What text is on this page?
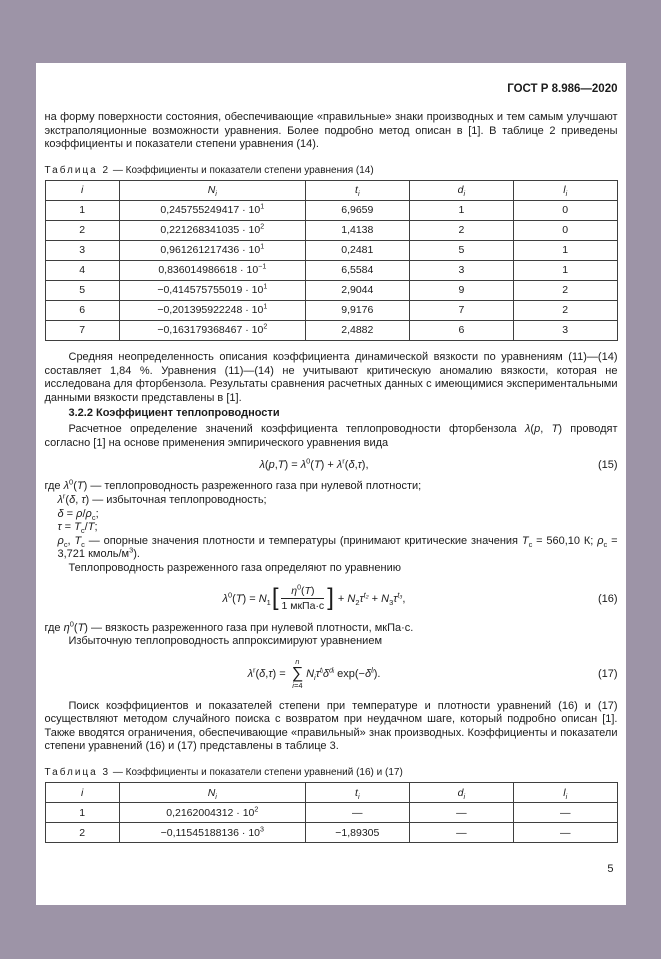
ГОСТ Р 8.986—2020

на форму поверхности состояния, обеспечивающие «правильные» знаки производных и тем самым улучшают экстраполяционные возможности уравнения. Более подробно метод описан в [1]. В таблице 2 приведены коэффициенты и показатели степени уравнения (14).

Таблица 2 — Коэффициенты и показатели степени уравнения (14)
i	$N_i$	$t_i$	$d_i$	$l_i$
1	$0,245755249417 \cdot 10^1$	6,9659	1	0
2	$0,221268341035 \cdot 10^2$	1,4138	2	0
3	$0,961261217436 \cdot 10^1$	0,2481	5	1
4	$0,836014986618 \cdot 10^{-1}$	6,5584	3	1
5	$-0,414575755019 \cdot 10^1$	2,9044	9	2
6	$-0,201395922248 \cdot 10^1$	9,9176	7	2
7	$-0,163179368467 \cdot 10^2$	2,4882	6	3

Средняя неопределенность описания коэффициента динамической вязкости по уравнениям (11)—(14) составляет 1,84 %. Уравнения (11)—(14) не учитывают критическую аномалию вязкости, которая не исследована для фторбензола. Результаты сравнения расчетных данных с имеющимися экспериментальными данными вязкости представлены в [1].

3.2.2 Коэффициент теплопроводности

Расчетное определение значений коэффициента теплопроводности фторбензола λ(p, T) проводят согласно [1] на основе применения эмпирического уравнения вида

$\lambda(p,T) = \lambda^0(T) + \lambda^r(\delta,\tau)$,	(15)

где $\lambda^0(T)$ — теплопроводность разреженного газа при нулевой плотности;

$\lambda^r(\delta$, τ) — избыточная теплопроводность;

$\delta = \rho/\rho_с$;

$\tau = T_с/T$;

$\rho_с$, $T_с$ — опорные значения плотности и температуры (принимают критические значения $T_с = 560,10$ К; $\rho_с = 3,721$ кмоль/$м^3$).

Теплопроводность разреженного газа определяют по уравнению

$\lambda^0(T) = N_1[ \frac{\eta^0(T)}{\text{1 мкПа·с}}$ ] + $N_2\tau^{t_2} + N_3\tau^{t_3}$,	(16)

где $\eta^0(T)$ — вязкость разреженного газа при нулевой плотности, мкПа·с.

Избыточную теплопроводность аппроксимируют уравнением

$\lambda^r(\delta,\tau)$ =
n
∑
i=4
$N_i\tau^{tᵢ}\delta^{dᵢ}$ $\exp(-\delta^{lᵢ})$.	(17)

Поиск коэффициентов и показателей степени при температуре и плотности уравнений (16) и (17) осуществляют методом случайного поиска с возвратом при неудачном шаге, который подробно описан [1]. Также вводятся ограничения, обеспечивающие «правильный» знак производных. Коэффициенты и показатели степени уравнений (16) и (17) представлены в таблице 3.

Таблица 3 — Коэффициенты и показатели степени уравнений (16) и (17)
i	$N_i$	$t_i$	$d_i$	$l_i$
1	$0,2162004312 \cdot 10^2$	—	—	—
2	$-0,11545188136 \cdot 10^3$	−1,89305	—	—
5
